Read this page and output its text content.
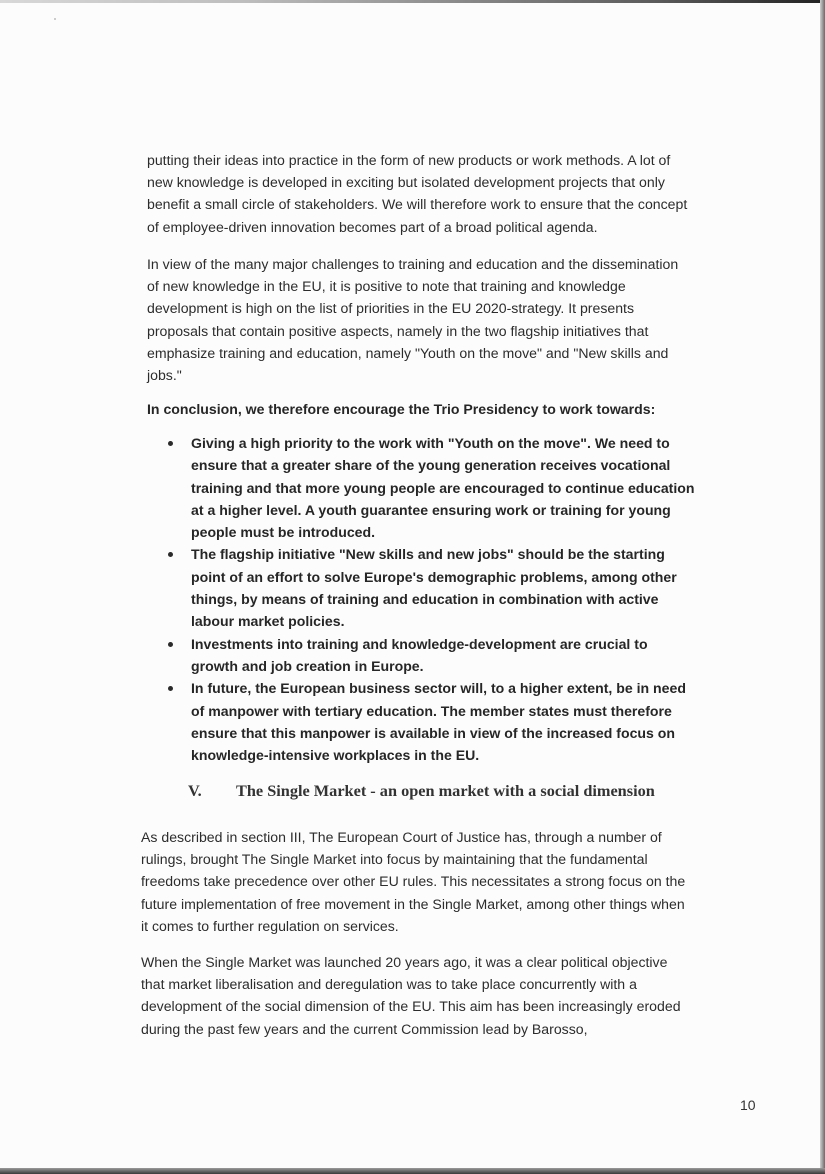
putting their ideas into practice in the form of new products or work methods. A lot of new knowledge is developed in exciting but isolated development projects that only benefit a small circle of stakeholders. We will therefore work to ensure that the concept of employee-driven innovation becomes part of a broad political agenda.

In view of the many major challenges to training and education and the dissemination of new knowledge in the EU, it is positive to note that training and knowledge development is high on the list of priorities in the EU 2020-strategy. It presents proposals that contain positive aspects, namely in the two flagship initiatives that emphasize training and education, namely "Youth on the move" and "New skills and jobs."

In conclusion, we therefore encourage the Trio Presidency to work towards:

Giving a high priority to the work with "Youth on the move". We need to ensure that a greater share of the young generation receives vocational training and that more young people are encouraged to continue education at a higher level. A youth guarantee ensuring work or training for young people must be introduced.
The flagship initiative "New skills and new jobs" should be the starting point of an effort to solve Europe's demographic problems, among other things, by means of training and education in combination with active labour market policies.
Investments into training and knowledge-development are crucial to growth and job creation in Europe.
In future, the European business sector will, to a higher extent, be in need of manpower with tertiary education. The member states must therefore ensure that this manpower is available in view of the increased focus on knowledge-intensive workplaces in the EU.
V. The Single Market - an open market with a social dimension

As described in section III, The European Court of Justice has, through a number of rulings, brought The Single Market into focus by maintaining that the fundamental freedoms take precedence over other EU rules. This necessitates a strong focus on the future implementation of free movement in the Single Market, among other things when it comes to further regulation on services.

When the Single Market was launched 20 years ago, it was a clear political objective that market liberalisation and deregulation was to take place concurrently with a development of the social dimension of the EU. This aim has been increasingly eroded during the past few years and the current Commission lead by Barosso,

10
